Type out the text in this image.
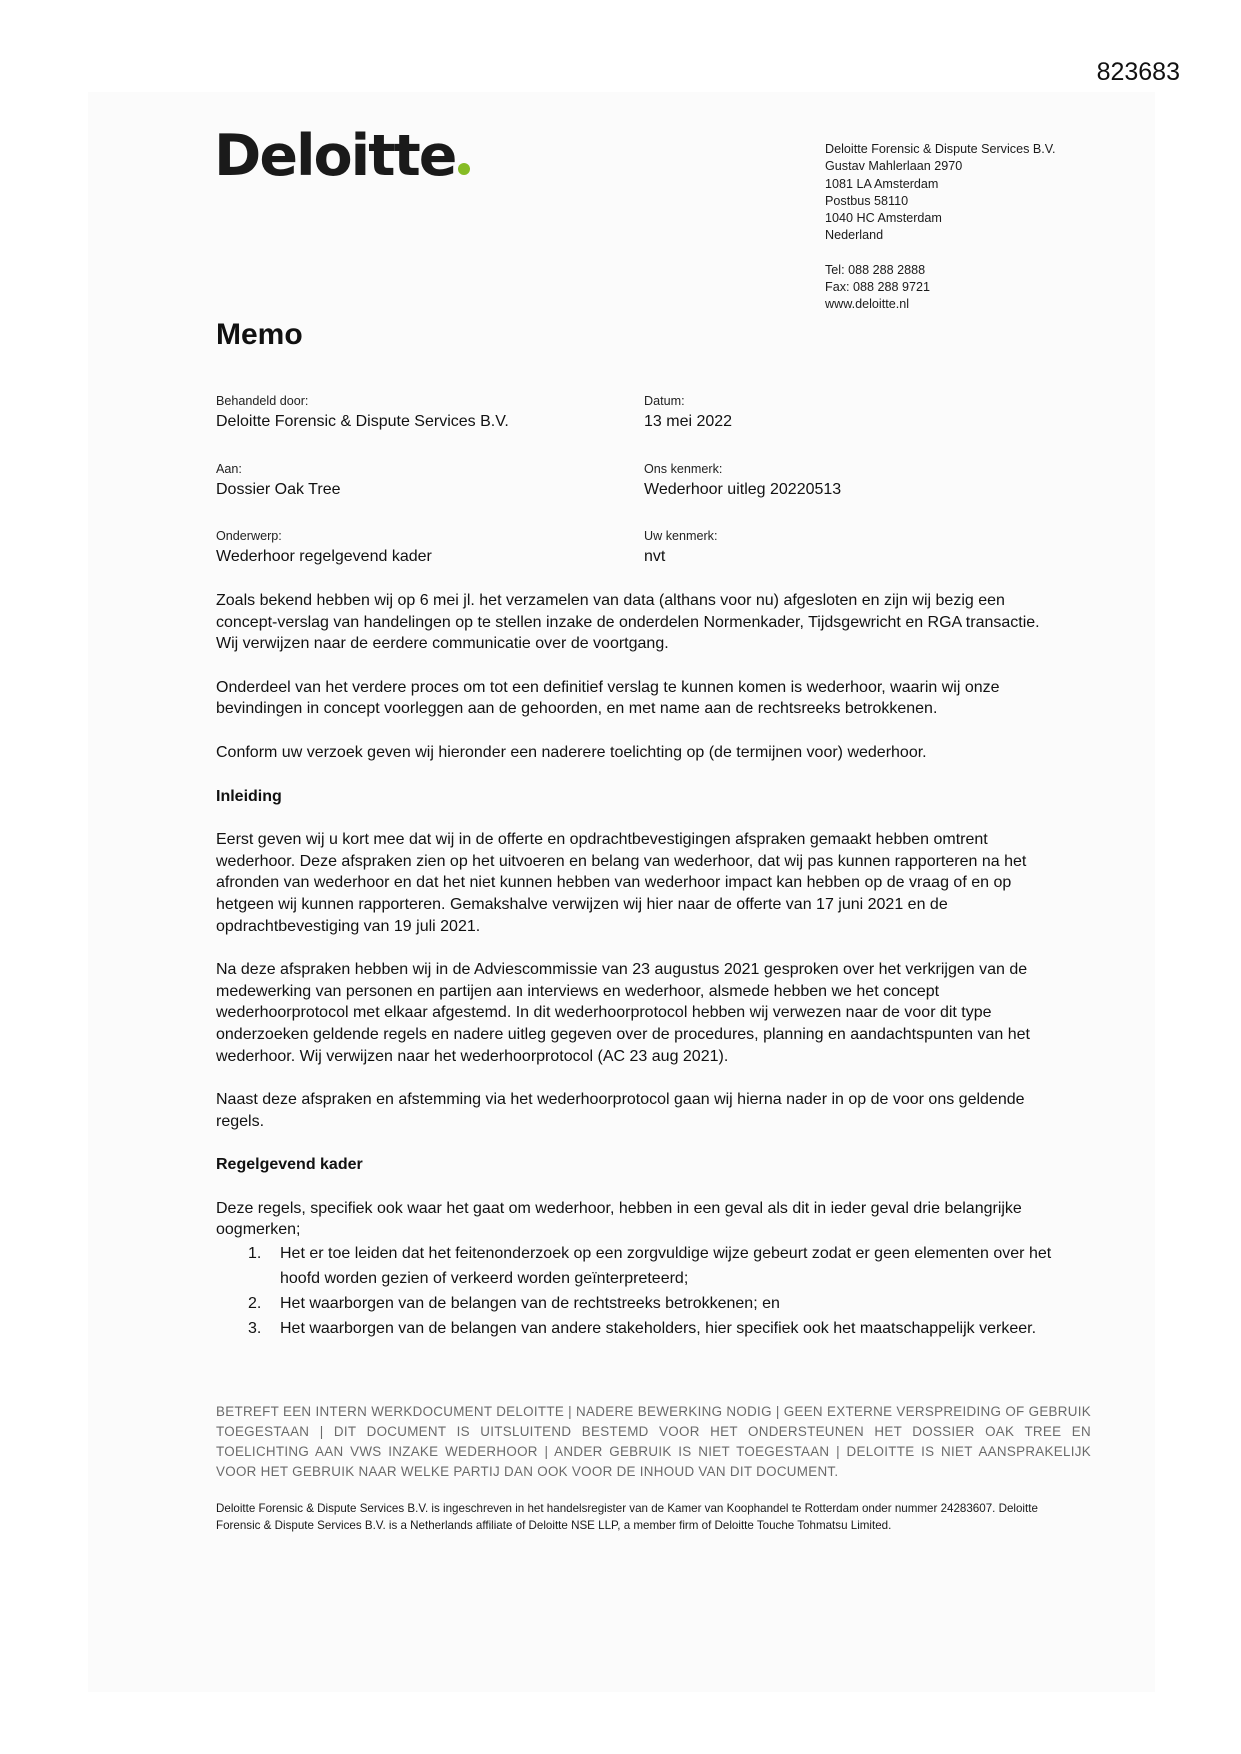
823683
Deloitte	Deloitte Forensic & Dispute Services B.V.
Gustav Mahlerlaan 2970
1081 LA Amsterdam
Postbus 58110
1040 HC Amsterdam
Nederland
Tel: 088 288 2888
Fax: 088 288 9721
www.deloitte.nl
Memo
Behandeld door:
Deloitte Forensic & Dispute Services B.V.
Datum:
13 mei 2022
Aan:
Dossier Oak Tree
Ons kenmerk:
Wederhoor uitleg 20220513
Onderwerp:
Wederhoor regelgevend kader
Uw kenmerk:
nvt

Zoals bekend hebben wij op 6 mei jl. het verzamelen van data (althans voor nu) afgesloten en zijn wij bezig een concept-verslag van handelingen op te stellen inzake de onderdelen Normenkader, Tijdsgewricht en RGA transactie. Wij verwijzen naar de eerdere communicatie over de voortgang.

Onderdeel van het verdere proces om tot een definitief verslag te kunnen komen is wederhoor, waarin wij onze bevindingen in concept voorleggen aan de gehoorden, en met name aan de rechtsreeks betrokkenen.

Conform uw verzoek geven wij hieronder een naderere toelichting op (de termijnen voor) wederhoor.

Inleiding

Eerst geven wij u kort mee dat wij in de offerte en opdrachtbevestigingen afspraken gemaakt hebben omtrent wederhoor. Deze afspraken zien op het uitvoeren en belang van wederhoor, dat wij pas kunnen rapporteren na het afronden van wederhoor en dat het niet kunnen hebben van wederhoor impact kan hebben op de vraag of en op hetgeen wij kunnen rapporteren. Gemakshalve verwijzen wij hier naar de offerte van 17 juni 2021 en de opdrachtbevestiging van 19 juli 2021.

Na deze afspraken hebben wij in de Adviescommissie van 23 augustus 2021 gesproken over het verkrijgen van de medewerking van personen en partijen aan interviews en wederhoor, alsmede hebben we het concept wederhoorprotocol met elkaar afgestemd. In dit wederhoorprotocol hebben wij verwezen naar de voor dit type onderzoeken geldende regels en nadere uitleg gegeven over de procedures, planning en aandachtspunten van het wederhoor. Wij verwijzen naar het wederhoorprotocol (AC 23 aug 2021).

Naast deze afspraken en afstemming via het wederhoorprotocol gaan wij hierna nader in op de voor ons geldende regels.

Regelgevend kader

Deze regels, specifiek ook waar het gaat om wederhoor, hebben in een geval als dit in ieder geval drie belangrijke oogmerken;

1. Het er toe leiden dat het feitenonderzoek op een zorgvuldige wijze gebeurt zodat er geen elementen over het hoofd worden gezien of verkeerd worden geïnterpreteerd;
2. Het waarborgen van de belangen van de rechtstreeks betrokkenen; en
3. Het waarborgen van de belangen van andere stakeholders, hier specifiek ook het maatschappelijk verkeer.
BETREFT EEN INTERN WERKDOCUMENT DELOITTE | NADERE BEWERKING NODIG | GEEN EXTERNE VERSPREIDING OF GEBRUIK TOEGESTAAN | DIT DOCUMENT IS UITSLUITEND BESTEMD VOOR HET ONDERSTEUNEN HET DOSSIER OAK TREE EN TOELICHTING AAN VWS INZAKE WEDERHOOR | ANDER GEBRUIK IS NIET TOEGESTAAN | DELOITTE IS NIET AANSPRAKELIJK VOOR HET GEBRUIK NAAR WELKE PARTIJ DAN OOK VOOR DE INHOUD VAN DIT DOCUMENT.
Deloitte Forensic & Dispute Services B.V. is ingeschreven in het handelsregister van de Kamer van Koophandel te Rotterdam onder nummer 24283607. Deloitte Forensic & Dispute Services B.V. is a Netherlands affiliate of Deloitte NSE LLP, a member firm of Deloitte Touche Tohmatsu Limited.
